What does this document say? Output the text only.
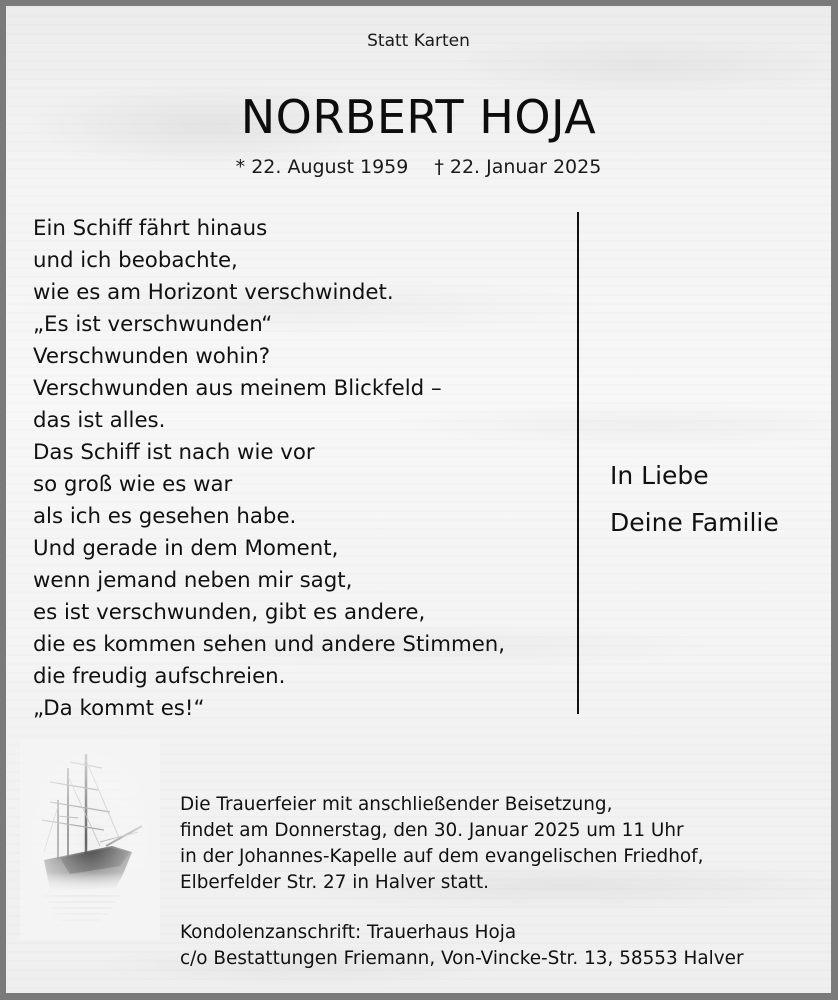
Statt Karten
NORBERT HOJA
* 22. August 1959 † 22. Januar 2025
Ein Schiff fährt hinaus
und ich beobachte,
wie es am Horizont verschwindet.
„Es ist verschwunden“
Verschwunden wohin?
Verschwunden aus meinem Blickfeld –
das ist alles.
Das Schiff ist nach wie vor
so groß wie es war
als ich es gesehen habe.
Und gerade in dem Moment,
wenn jemand neben mir sagt,
es ist verschwunden, gibt es andere,
die es kommen sehen und andere Stimmen,
die freudig aufschreien.
„Da kommt es!“
In Liebe
Deine Familie
Die Trauerfeier mit anschließender Beisetzung,
findet am Donnerstag, den 30. Januar 2025 um 11 Uhr
in der Johannes-Kapelle auf dem evangelischen Friedhof,
Elberfelder Str. 27 in Halver statt.
Kondolenzanschrift: Trauerhaus Hoja
c/o Bestattungen Friemann, Von-Vincke-Str. 13, 58553 Halver
